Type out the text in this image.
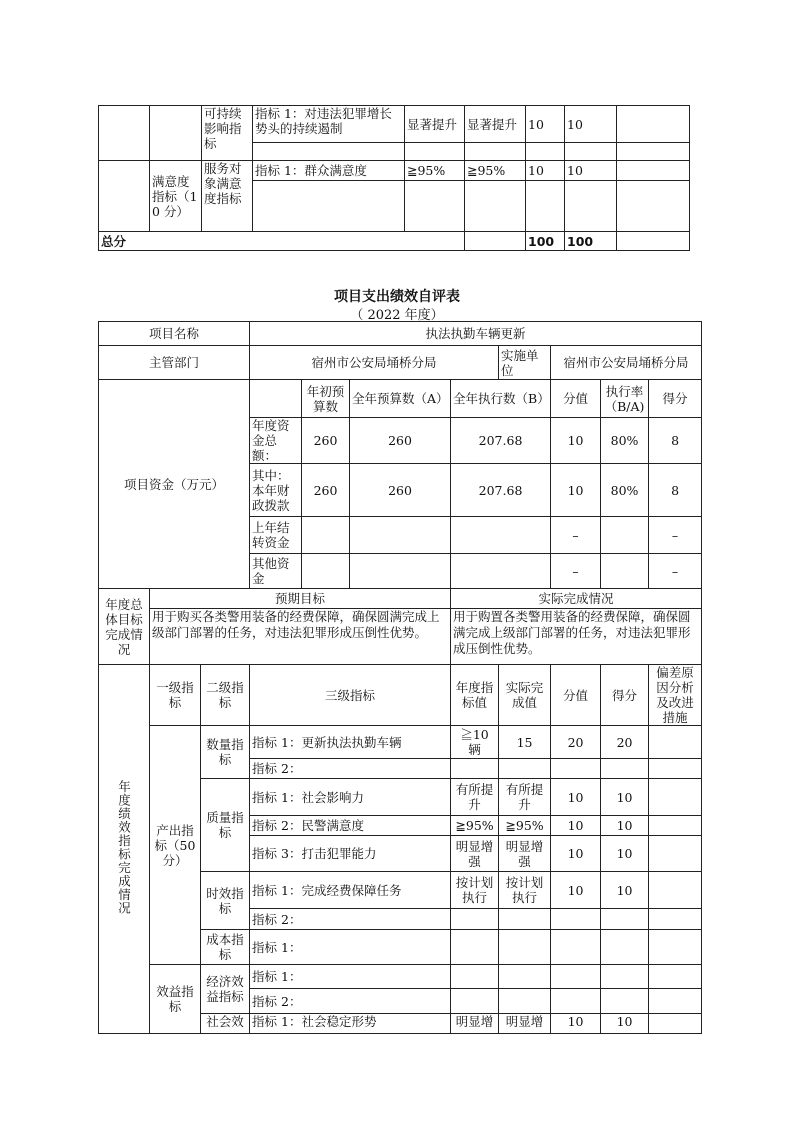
		可持续影响指标	指标 1：对违法犯罪增长势头的持续遏制	显著提升	显著提升	10	10	

	满意度指标（10 分）	服务对象满意度指标	指标 1：群众满意度	≧95%	≧95%	10	10	

总分						100	100	
项目支出绩效自评表
（ 2022 年度）
项目名称			执法执勤车辆更新							
主管部门			宿州市公安局埇桥分局				实施单位	宿州市公安局埇桥分局		
项目资金（万元）				年初预算数	全年预算数（A）	全年执行数（B）		分值	执行率（B/A)	得分
			年度资金总额：	260	260	207.68		10	80%	8
			其中：本年财政拨款	260	260	207.68		10	80%	8
			上年结转资金					–		–
			其他资金					–		–
年度总体目标完成情况	预期目标					实际完成情况				
	用于购买各类警用装备的经费保障，确保圆满完成上级部门部署的任务，对违法犯罪形成压倒性优势。					用于购置各类警用装备的经费保障，确保圆满完成上级部门部署的任务，对违法犯罪形成压倒性优势。				
年度绩效指标完成情况	一级指标	二级指标	三级指标			年度指标值	实际完成值	分值	得分	偏差原因分析及改进措施
	产出指标（50 分）	数量指标	指标 1：更新执法执勤车辆			≧10 辆	15	20	20	
			指标 2：							
		质量指标	指标 1：社会影响力			有所提升	有所提升	10	10	
			指标 2：民警满意度			≧95%	≧95%	10	10	
			指标 3：打击犯罪能力			明显增强	明显增强	10	10	
		时效指标	指标 1：完成经费保障任务			按计划执行	按计划执行	10	10	
			指标 2：							
		成本指标	指标 1：							
	效益指标	经济效益指标	指标 1：							
			指标 2：							
		社会效	指标 1：社会稳定形势			明显增	明显增	10	10	
